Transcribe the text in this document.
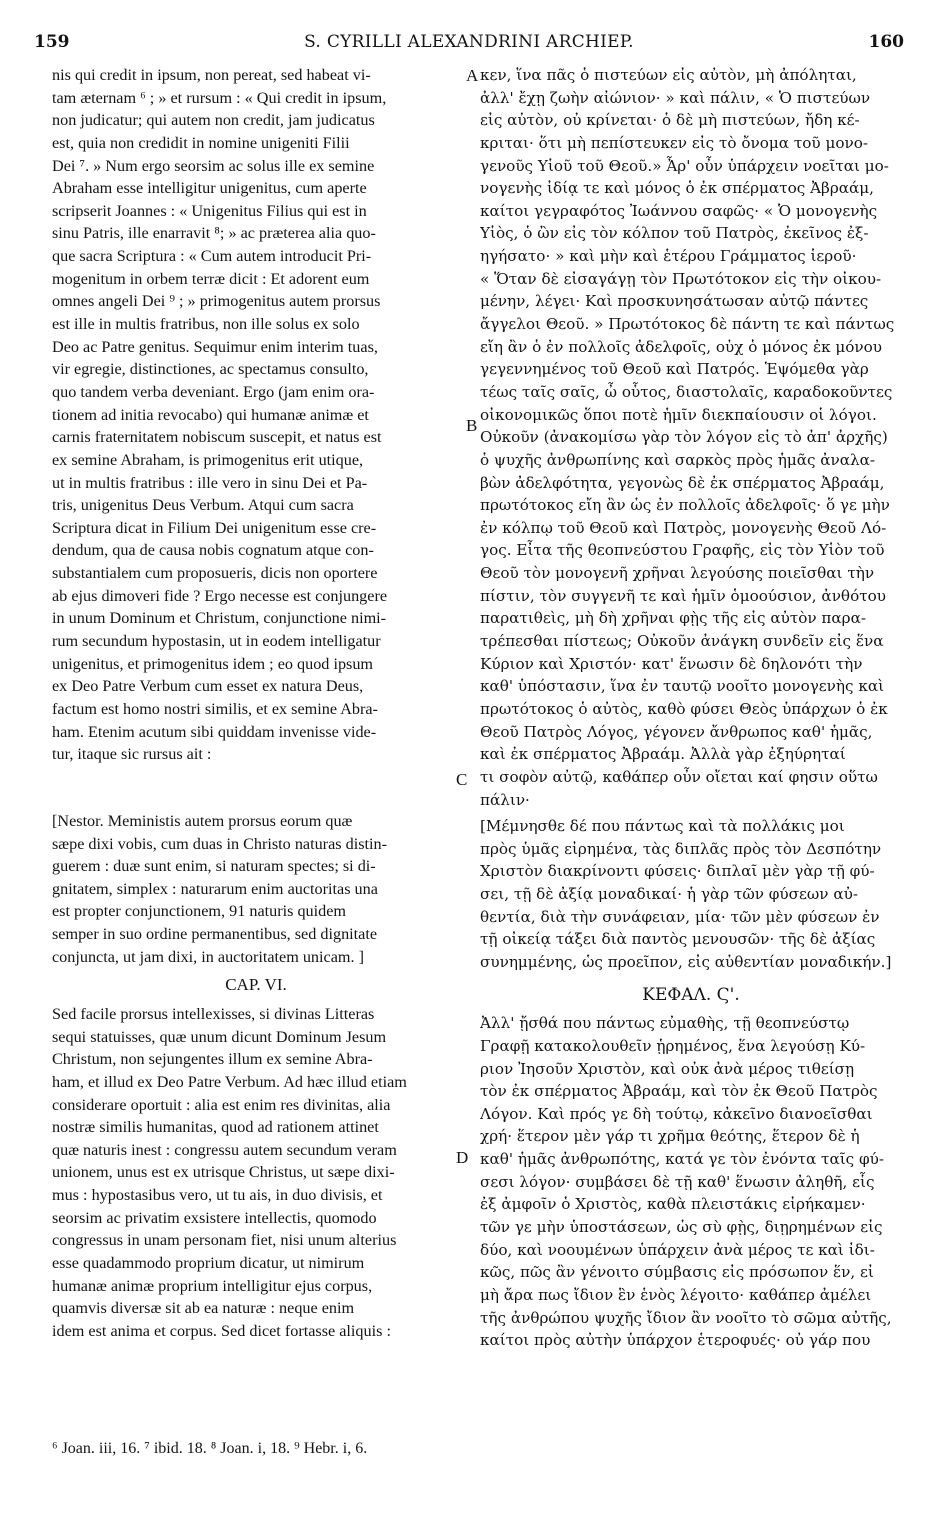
159	S. CYRILLI ALEXANDRINI ARCHIEP.	160
nis qui credit in ipsum, non pereat, sed habeat vi-
tam æternam ⁶ ; » et rursum : « Qui credit in ipsum,
non judicatur; qui autem non credit, jam judicatus
est, quia non credidit in nomine unigeniti Filii
Dei ⁷. » Num ergo seorsim ac solus ille ex semine
Abraham esse intelligitur unigenitus, cum aperte
scripserit Joannes : « Unigenitus Filius qui est in
sinu Patris, ille enarravit ⁸; » ac præterea alia quo-
que sacra Scriptura : « Cum autem introducit Pri-
mogenitum in orbem terræ dicit : Et adorent eum
omnes angeli Dei ⁹ ; » primogenitus autem prorsus
est ille in multis fratribus, non ille solus ex solo
Deo ac Patre genitus. Sequimur enim interim tuas,
vir egregie, distinctiones, ac spectamus consulto,
quo tandem verba deveniant. Ergo (jam enim ora-
tionem ad initia revocabo) qui humanæ animæ et
carnis fraternitatem nobiscum suscepit, et natus est
ex semine Abraham, is primogenitus erit utique,
ut in multis fratribus : ille vero in sinu Dei et Pa-
tris, unigenitus Deus Verbum. Atqui cum sacra
Scriptura dicat in Filium Dei unigenitum esse cre-
dendum, qua de causa nobis cognatum atque con-
substantialem cum proposueris, dicis non oportere
ab ejus dimoveri fide ? Ergo necesse est conjungere
in unum Dominum et Christum, conjunctione nimi-
rum secundum hypostasin, ut in eodem intelligatur
unigenitus, et primogenitus idem ; eo quod ipsum
ex Deo Patre Verbum cum esset ex natura Deus,
factum est homo nostri similis, et ex semine Abra-
ham. Etenim acutum sibi quiddam invenisse vide-
tur, itaque sic rursus ait :
[Nestor. Meministis autem prorsus eorum quæ
sæpe dixi vobis, cum duas in Christo naturas distin-
guerem : duæ sunt enim, si naturam spectes; si di-
gnitatem, simplex : naturarum enim auctoritas una
est propter conjunctionem, 91 naturis quidem
semper in suo ordine permanentibus, sed dignitate
conjuncta, ut jam dixi, in auctoritatem unicam. ]
CAP. VI.
Sed facile prorsus intellexisses, si divinas Litteras
sequi statuisses, quæ unum dicunt Dominum Jesum
Christum, non sejungentes illum ex semine Abra-
ham, et illud ex Deo Patre Verbum. Ad hæc illud etiam
considerare oportuit : alia est enim res divinitas, alia
nostræ similis humanitas, quod ad rationem attinet
quæ naturis inest : congressu autem secundum veram
unionem, unus est ex utrisque Christus, ut sæpe dixi-
mus : hypostasibus vero, ut tu ais, in duo divisis, et
seorsim ac privatim exsistere intellectis, quomodo
congressus in unam personam fiet, nisi unum alterius
esse quadammodo proprium dicatur, ut nimirum
humanæ animæ proprium intelligitur ejus corpus,
quamvis diversæ sit ab ea naturæ : neque enim
idem est anima et corpus. Sed dicet fortasse aliquis :
κεν, ἵνα πᾶς ὁ πιστεύων εἰς αὐτὸν, μὴ ἀπόληται,
ἀλλ' ἔχῃ ζωὴν αἰώνιον· » καὶ πάλιν, « Ὁ πιστεύων
εἰς αὐτὸν, οὐ κρίνεται· ὁ δὲ μὴ πιστεύων, ἤδη κέ-
κριται· ὅτι μὴ πεπίστευκεν εἰς τὸ ὄνομα τοῦ μονο-
γενοῦς Υἱοῦ τοῦ Θεοῦ.» Ἆρ' οὖν ὑπάρχειν νοεῖται μο-
νογενὴς ἰδίᾳ τε καὶ μόνος ὁ ἐκ σπέρματος Ἀβραάμ,
καίτοι γεγραφότος Ἰωάννου σαφῶς· « Ὁ μονογενὴς
Υἱὸς, ὁ ὢν εἰς τὸν κόλπον τοῦ Πατρὸς, ἐκεῖνος ἐξ-
ηγήσατο· » καὶ μὴν καὶ ἑτέρου Γράμματος ἱεροῦ·
« Ὅταν δὲ εἰσαγάγῃ τὸν Πρωτότοκον εἰς τὴν οἰκου-
μένην, λέγει· Καὶ προσκυνησάτωσαν αὐτῷ πάντες
ἄγγελοι Θεοῦ. » Πρωτότοκος δὲ πάντη τε καὶ πάντως
εἴη ἂν ὁ ἐν πολλοῖς ἀδελφοῖς, οὐχ ὁ μόνος ἐκ μόνου
γεγεννημένος τοῦ Θεοῦ καὶ Πατρός. Ἑψόμεθα γὰρ
τέως ταῖς σαῖς, ὦ οὗτος, διαστολαῖς, καραδοκοῦντες
οἰκονομικῶς ὅποι ποτὲ ἡμῖν διεκπαίουσιν οἱ λόγοι.
Οὐκοῦν (ἀνακομίσω γὰρ τὸν λόγον εἰς τὸ ἀπ' ἀρχῆς)
ὁ ψυχῆς ἀνθρωπίνης καὶ σαρκὸς πρὸς ἡμᾶς ἀναλα-
βὼν ἀδελφότητα, γεγονὼς δὲ ἐκ σπέρματος Ἀβραάμ,
πρωτότοκος εἴη ἂν ὡς ἐν πολλοῖς ἀδελφοῖς· ὅ γε μὴν
ἐν κόλπῳ τοῦ Θεοῦ καὶ Πατρὸς, μονογενὴς Θεοῦ Λό-
γος. Εἶτα τῆς θεοπνεύστου Γραφῆς, εἰς τὸν Υἱὸν τοῦ
Θεοῦ τὸν μονογενῆ χρῆναι λεγούσης ποιεῖσθαι τὴν
πίστιν, τὸν συγγενῆ τε καὶ ἡμῖν ὁμοούσιον, ἀνθότου
παρατιθεὶς, μὴ δὴ χρῆναι φῂς τῆς εἰς αὐτὸν παρα-
τρέπεσθαι πίστεως; Οὐκοῦν ἀνάγκη συνδεῖν εἰς ἕνα
Κύριον καὶ Χριστόν· κατ' ἕνωσιν δὲ δηλονότι τὴν
καθ' ὑπόστασιν, ἵνα ἐν ταυτῷ νοοῖτο μονογενὴς καὶ
πρωτότοκος ὁ αὐτὸς, καθὸ φύσει Θεὸς ὑπάρχων ὁ ἐκ
Θεοῦ Πατρὸς Λόγος, γέγονεν ἄνθρωπος καθ' ἡμᾶς,
καὶ ἐκ σπέρματος Ἀβραάμ. Ἀλλὰ γὰρ ἐξηύρηταί
τι σοφὸν αὐτῷ, καθάπερ οὖν οἴεται καί φησιν οὕτω
πάλιν·
[Μέμνησθε δέ που πάντως καὶ τὰ πολλάκις μοι
πρὸς ὑμᾶς εἰρημένα, τὰς διπλᾶς πρὸς τὸν Δεσπότην
Χριστὸν διακρίνοντι φύσεις· διπλαῖ μὲν γὰρ τῇ φύ-
σει, τῇ δὲ ἀξίᾳ μοναδικαί· ἡ γὰρ τῶν φύσεων αὐ-
θεντία, διὰ τὴν συνάφειαν, μία· τῶν μὲν φύσεων ἐν
τῇ οἰκείᾳ τάξει διὰ παντὸς μενουσῶν· τῆς δὲ ἀξίας
συνημμένης, ὡς προεῖπον, εἰς αὐθεντίαν μοναδικήν.]
ΚΕΦΑΛ. Ϛ'.
Ἀλλ' ᾔσθά που πάντως εὐμαθὴς, τῇ θεοπνεύστῳ
Γραφῇ κατακολουθεῖν ᾑρημένος, ἕνα λεγούσῃ Κύ-
ριον Ἰησοῦν Χριστὸν, καὶ οὐκ ἀνὰ μέρος τιθείσῃ
τὸν ἐκ σπέρματος Ἀβραάμ, καὶ τὸν ἐκ Θεοῦ Πατρὸς
Λόγον. Καὶ πρός γε δὴ τούτῳ, κἀκεῖνο διανοεῖσθαι
χρή· ἕτερον μὲν γάρ τι χρῆμα θεότης, ἕτερον δὲ ἡ
καθ' ἡμᾶς ἀνθρωπότης, κατά γε τὸν ἐνόντα ταῖς φύ-
σεσι λόγον· συμβάσει δὲ τῇ καθ' ἕνωσιν ἀληθῆ, εἷς
ἐξ ἀμφοῖν ὁ Χριστὸς, καθὰ πλειστάκις εἰρήκαμεν·
τῶν γε μὴν ὑποστάσεων, ὡς σὺ φῂς, διῃρημένων εἰς
δύο, καὶ νοουμένων ὑπάρχειν ἀνὰ μέρος τε καὶ ἰδι-
κῶς, πῶς ἂν γένοιτο σύμβασις εἰς πρόσωπον ἕν, εἰ
μὴ ἄρα πως ἴδιον ἓν ἑνὸς λέγοιτο· καθάπερ ἀμέλει
τῆς ἀνθρώπου ψυχῆς ἴδιον ἂν νοοῖτο τὸ σῶμα αὐτῆς,
καίτοι πρὸς αὐτὴν ὑπάρχον ἑτεροφυές· οὐ γάρ που
A
B
C
D
⁶ Joan. iii, 16. ⁷ ibid. 18. ⁸ Joan. i, 18. ⁹ Hebr. i, 6.
